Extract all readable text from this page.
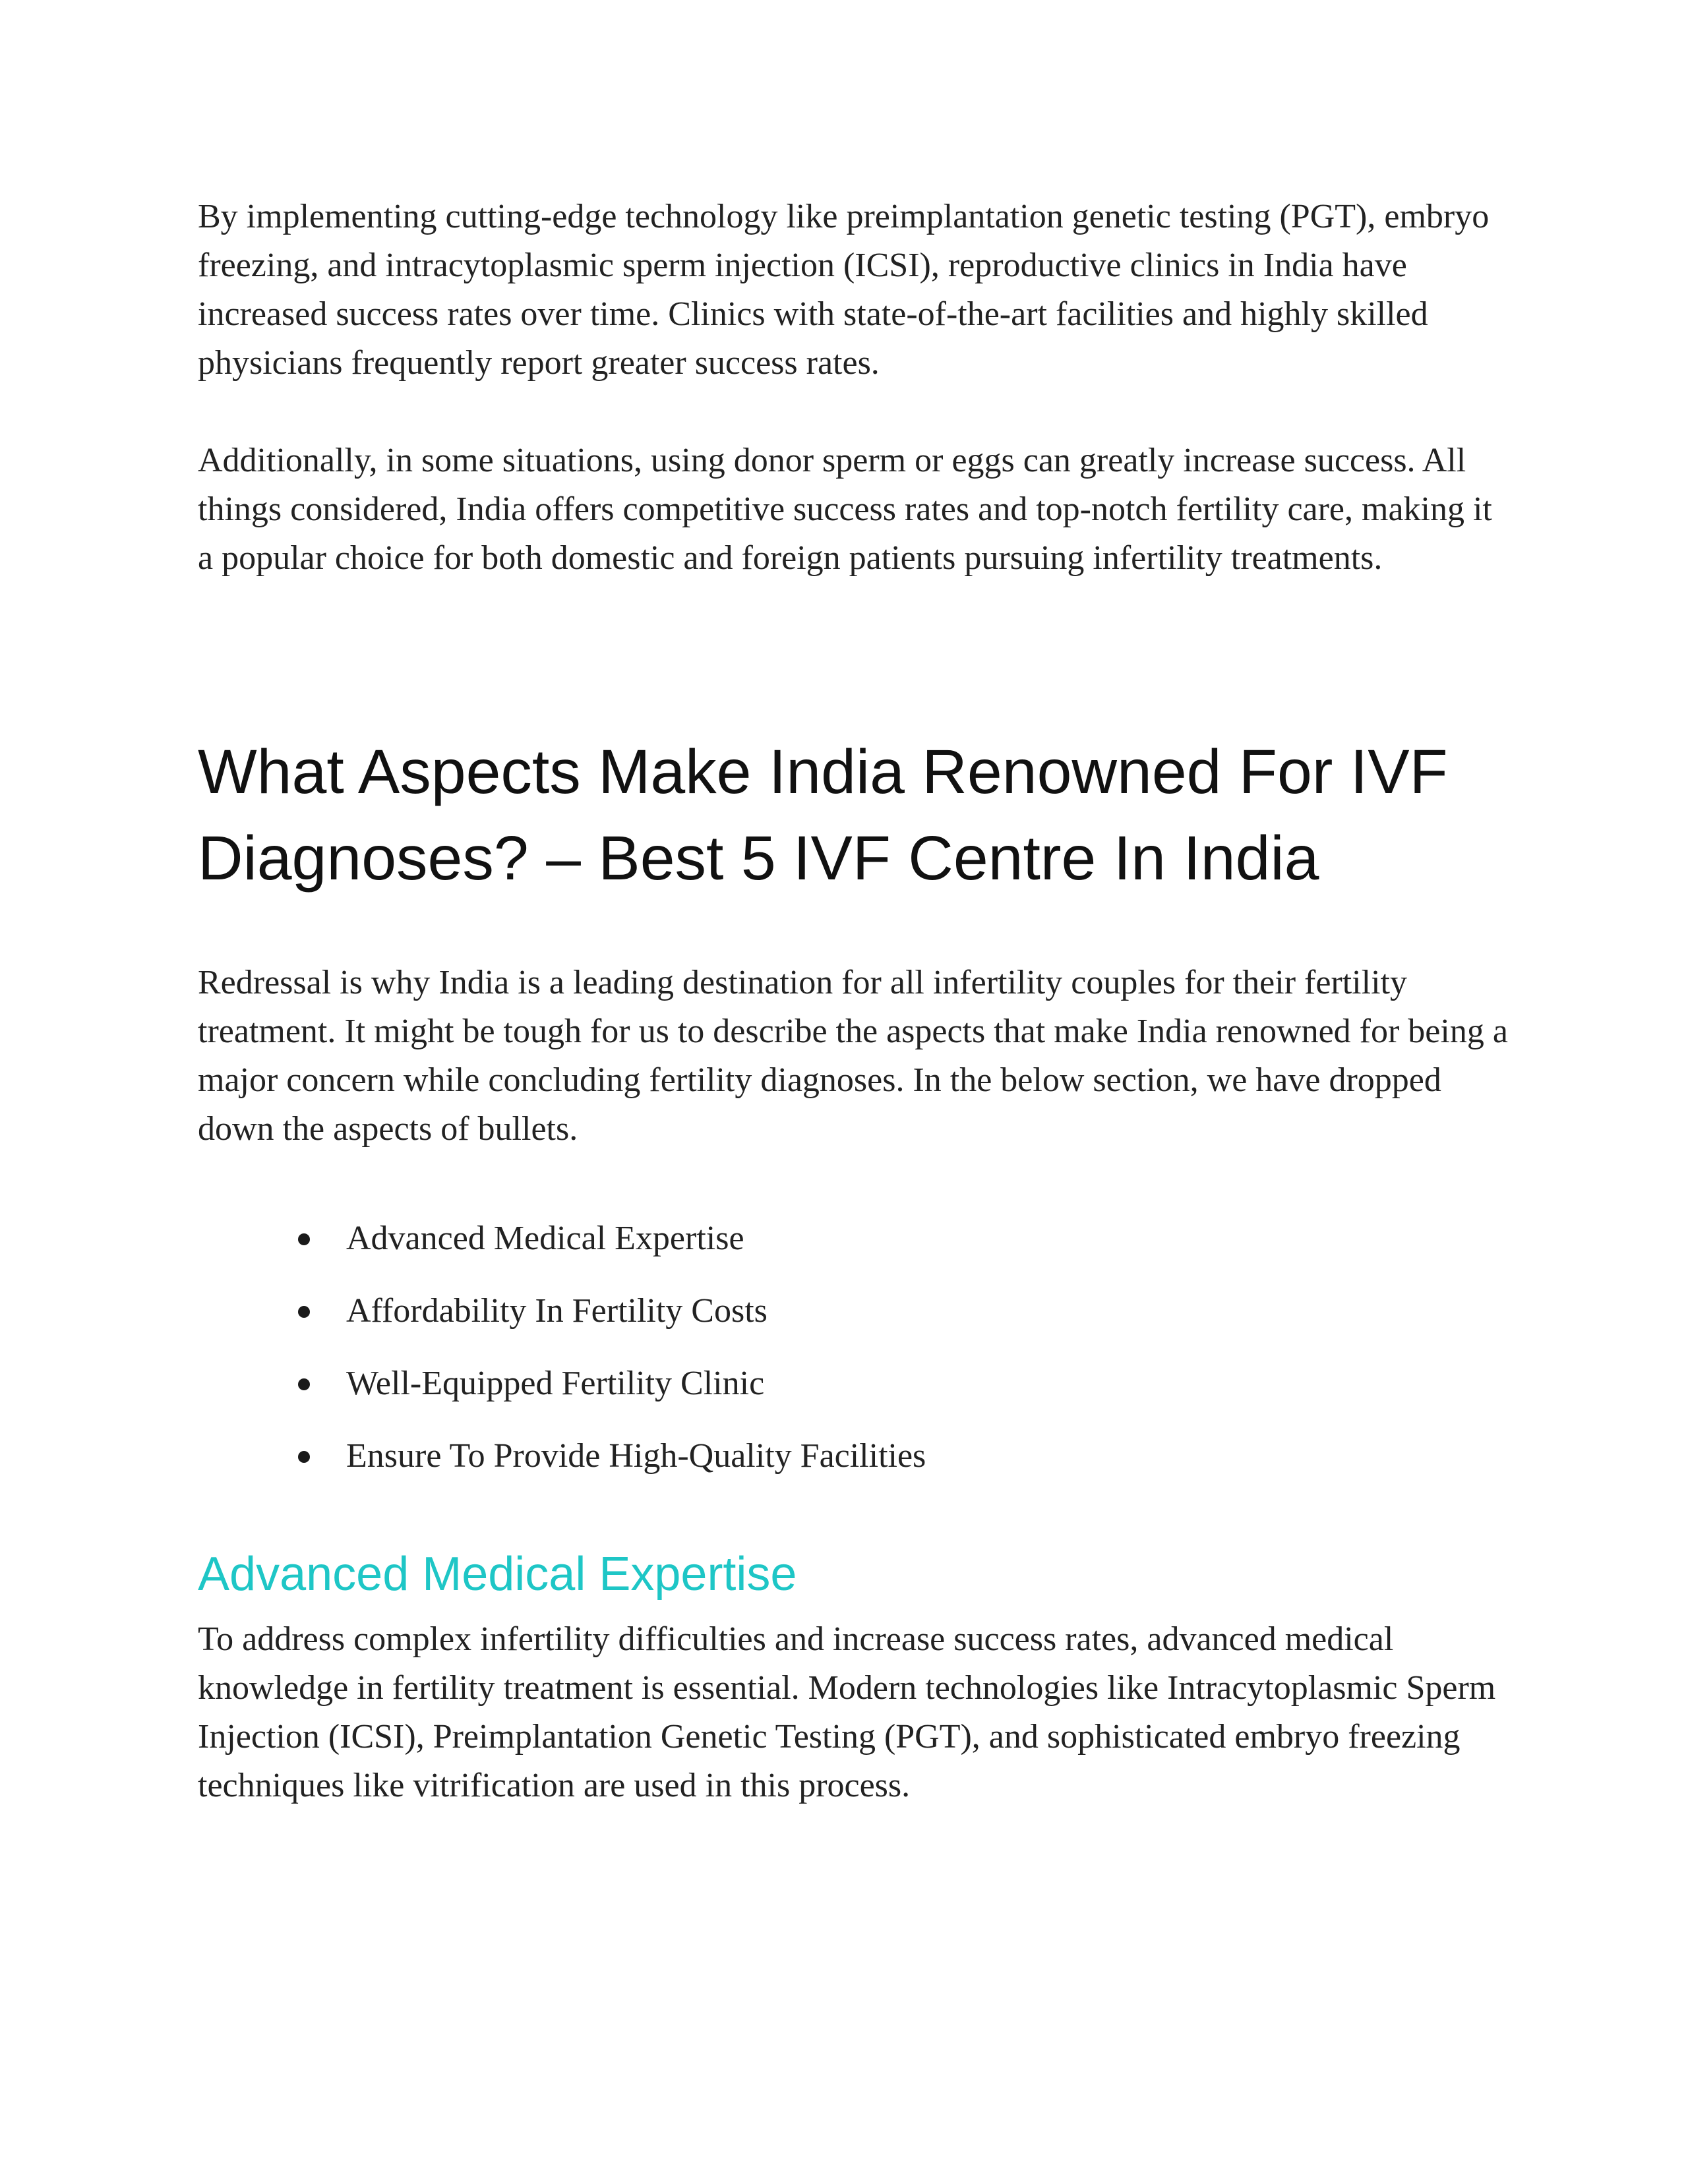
By implementing cutting-edge technology like preimplantation genetic testing (PGT), embryo freezing, and intracytoplasmic sperm injection (ICSI), reproductive clinics in India have increased success rates over time. Clinics with state-of-the-art facilities and highly skilled physicians frequently report greater success rates.

Additionally, in some situations, using donor sperm or eggs can greatly increase success. All things considered, India offers competitive success rates and top-notch fertility care, making it a popular choice for both domestic and foreign patients pursuing infertility treatments.

What Aspects Make India Renowned For IVF Diagnoses? – Best 5 IVF Centre In India

Redressal is why India is a leading destination for all infertility couples for their fertility treatment. It might be tough for us to describe the aspects that make India renowned for being a major concern while concluding fertility diagnoses. In the below section, we have dropped down the aspects of bullets.

Advanced Medical Expertise
Affordability In Fertility Costs
Well-Equipped Fertility Clinic
Ensure To Provide High-Quality Facilities
Advanced Medical Expertise

To address complex infertility difficulties and increase success rates, advanced medical knowledge in fertility treatment is essential. Modern technologies like Intracytoplasmic Sperm Injection (ICSI), Preimplantation Genetic Testing (PGT), and sophisticated embryo freezing techniques like vitrification are used in this process.
